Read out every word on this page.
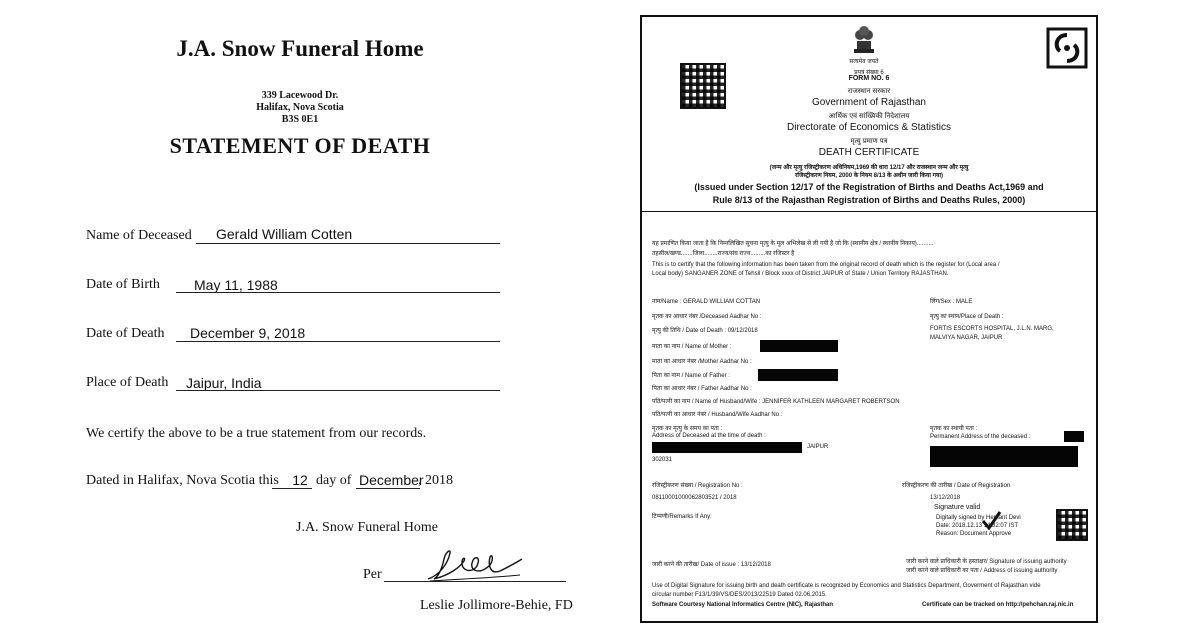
J.A. Snow Funeral Home
339 Lacewood Dr.
Halifax, Nova Scotia
B3S 0E1
STATEMENT OF DEATH
Name of Deceased Gerald William Cotten
Date of Birth May 11, 1988
Date of Death December 9, 2018
Place of Death Jaipur, India
We certify the above to be a true statement from our records.
Dated in Halifax, Nova Scotia this 12 day of December
, 2018
J.A. Snow Funeral Home
Per
Leslie Jollimore-Behie, FD
सत्यमेव जयते
प्रपत्र संख्या 6
FORM NO. 6
राजस्थान सरकार
Government of Rajasthan
आर्थिक एवं सांख्यिकी निदेशालय
Directorate of Economics & Statistics
मृत्यु प्रमाण पत्र
DEATH CERTIFICATE
(जन्म और मृत्यु रजिस्ट्रीकरण अधिनियम,1969 की धारा 12/17 और राजस्थान जन्म और मृत्यु
रजिस्ट्रीकरण नियम, 2000 के नियम 8/13 के अधीन जारी किया गया)
(Issued under Section 12/17 of the Registration of Births and Deaths Act,1969 and
Rule 8/13 of the Rajasthan Registration of Births and Deaths Rules, 2000)
यह प्रमाणित किया जाता है कि निम्नलिखित सूचना मृत्यु के मूल अभिलेख से ली गयी है जो कि (स्थानीय क्षेत्र / स्थानीय निकाय)..........
तहसील/खण्ड.......जिला........राज्य/संघ राज्य.........का रजिस्टर है
This is to certify that the following information has been taken from the original record of death which is the register for (Local area /
Local body) SANGANER ZONE of Tehsil / Block xxxx of District JAIPUR of State / Union Territory RAJASTHAN.
नाम/Name : GERALD WILLIAM COTTAN	लिंग/Sex : MALE
मृतक का आधार नंबर /Deceased Aadhar No :	मृत्यु का स्थान/Place of Death :
मृत्यु की तिथि / Date of Death : 09/12/2018	FORTIS ESCORTS HOSPITAL, J.L.N. MARG,
MALVIYA NAGAR, JAIPUR
माता का नाम / Name of Mother :
माता का आधार नंबर /Mother Aadhar No :
पिता का नाम / Name of Father :
पिता का आधार नंबर / Father Aadhar No :
पति/पत्नी का नाम / Name of Husband/Wife : JENNIFER KATHLEEN MARGARET ROBERTSON
पति/पत्नी का आधार नंबर / Husband/Wife Aadhar No :
मृतक का मृत्यु के समय का पता :
Address of Deceased at the time of death :
JAIPUR
302031
मृतक का स्थायी पता :
Permanent Address of the deceased :
रजिस्ट्रीकरण संख्या / Registration No :
08110001000062803521 / 2018
टिप्पणी/Remarks If Any:
रजिस्ट्रीकरण की तारीख / Date of Registration
13/12/2018
Signature valid
Digitally signed by Hemant Devi
Date: 2018.12.13 14:32:07 IST
Reason: Document Approve
जारी करने की तारीख/ Date of issue : 13/12/2018	जारी करने वाले प्राधिकारी के हस्ताक्षर/ Signature of issuing authority
जारी करने वाले प्राधिकारी का पता / Address of issuing authority
Use of Digital Signature for issuing birth and death certificate is recognized by Economics and Statistics Department, Goverment of Rajasthan vide
circular number F13/1/39/VS/DES/2013/22519 Dated 02.06.2015.
Software Courtesy National Informatics Centre (NIC), Rajasthan	Certificate can be tracked on http://pehchan.raj.nic.in
